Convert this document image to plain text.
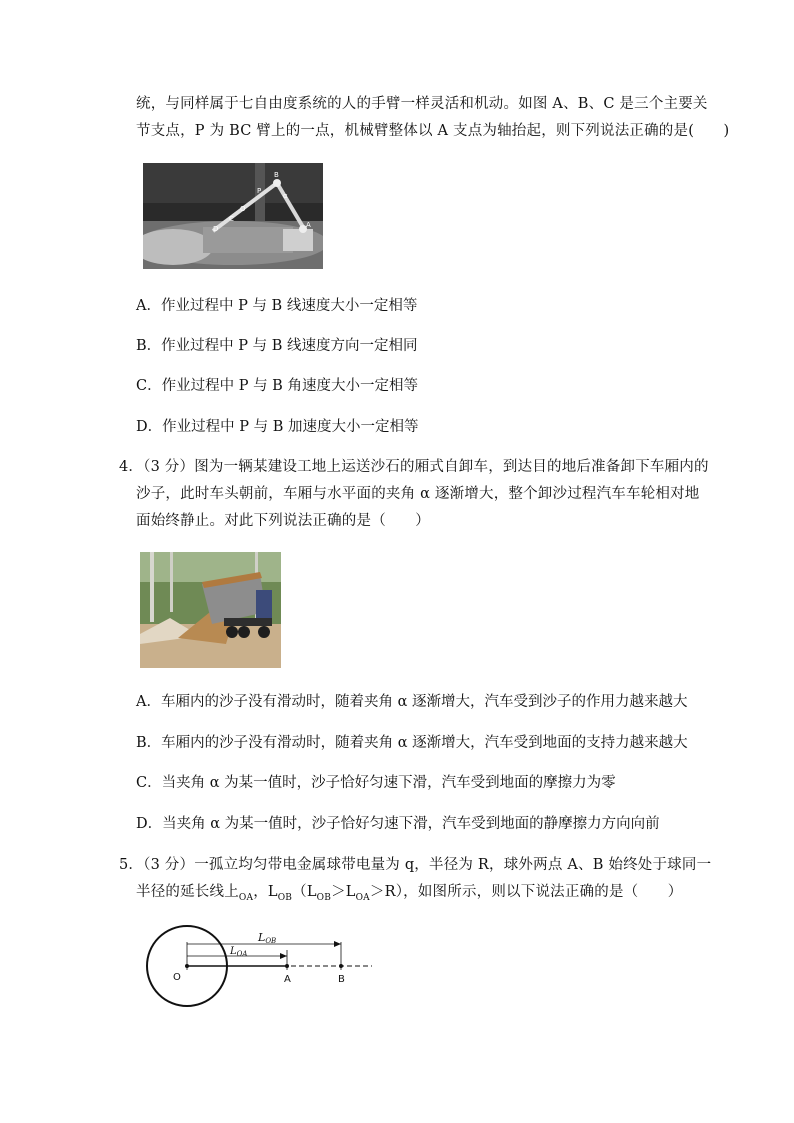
统，与同样属于七自由度系统的人的手臂一样灵活和机动。如图 A、B、C 是三个主要关
节支点，P 为 BC 臂上的一点，机械臂整体以 A 支点为轴抬起，则下列说法正确的是(　　)
B
P
α
O
C
D	A
A．作业过程中 P 与 B 线速度大小一定相等
B．作业过程中 P 与 B 线速度方向一定相同
C．作业过程中 P 与 B 角速度大小一定相等
D．作业过程中 P 与 B 加速度大小一定相等
4．（3 分）图为一辆某建设工地上运送沙石的厢式自卸车，到达目的地后准备卸下车厢内的
沙子，此时车头朝前，车厢与水平面的夹角 α 逐渐增大，整个卸沙过程汽车车轮相对地
面始终静止。对此下列说法正确的是（　　）
A．车厢内的沙子没有滑动时，随着夹角 α 逐渐增大，汽车受到沙子的作用力越来越大
B．车厢内的沙子没有滑动时，随着夹角 α 逐渐增大，汽车受到地面的支持力越来越大
C．当夹角 α 为某一值时，沙子恰好匀速下滑，汽车受到地面的摩擦力为零
D．当夹角 α 为某一值时，沙子恰好匀速下滑，汽车受到地面的静摩擦力方向向前
5．（3 分）一孤立均匀带电金属球带电量为 q，半径为 R，球外两点 A、B 始终处于球同一
半径的延长线上$_{OA}$，$L_{OB}(L_{OB}>L_{OA}>R)$，如图所示，则以下说法正确的是（　　）
LOB
$L_{OA}$
O	A	B
